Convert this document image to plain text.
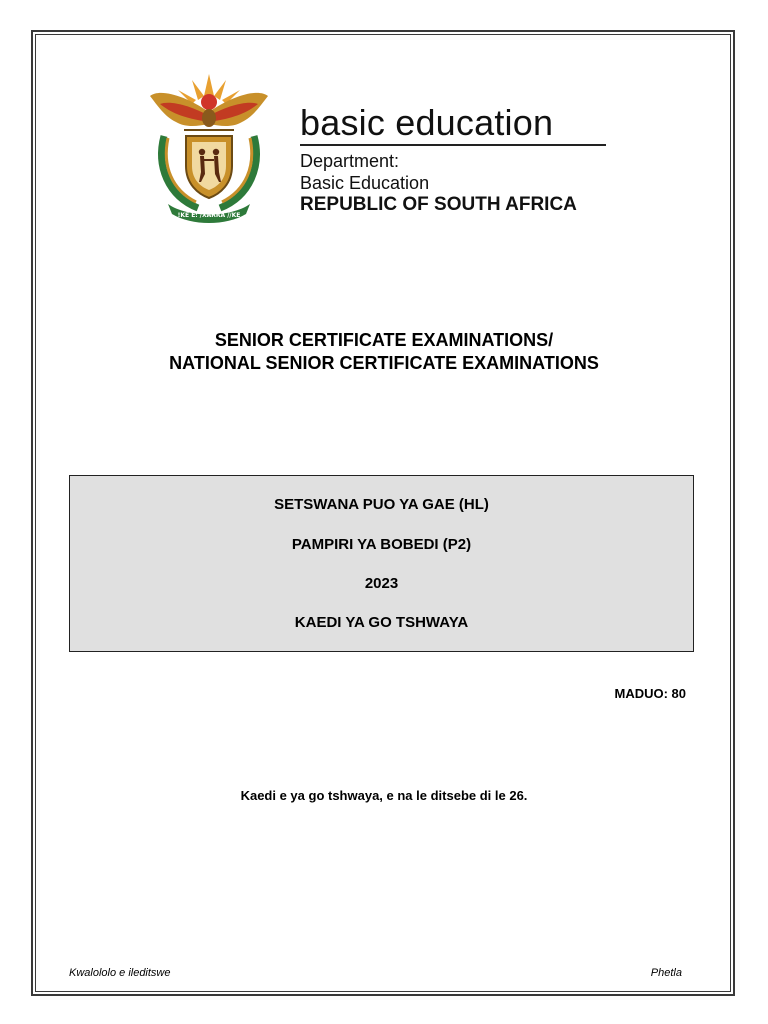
!KE E: /XARRA //KE
basic education
Department:
Basic Education
REPUBLIC OF SOUTH AFRICA
SENIOR CERTIFICATE EXAMINATIONS/
NATIONAL SENIOR CERTIFICATE EXAMINATIONS
SETSWANA PUO YA GAE (HL)
PAMPIRI YA BOBEDI (P2)
2023
KAEDI YA GO TSHWAYA
MADUO: 80
Kaedi e ya go tshwaya, e na le ditsebe di le 26.
Kwalololo e ileditswe	Phetla
